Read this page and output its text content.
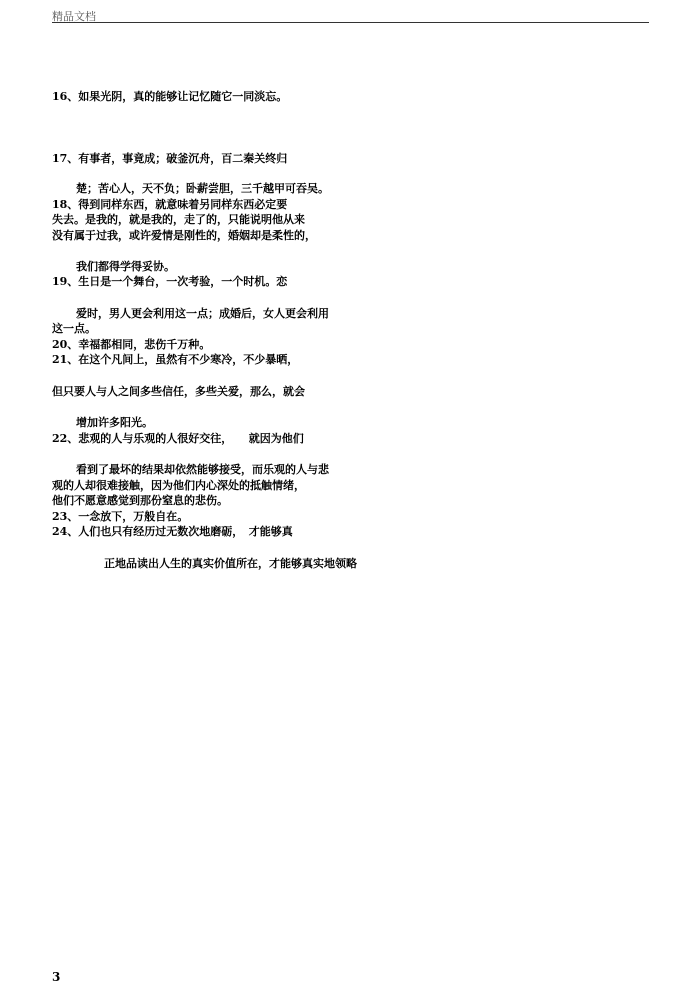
精品文档
16、如果光阴，真的能够让记忆随它一同淡忘。
17、有事者，事竟成；破釜沉舟，百二秦关终归
楚；苦心人，天不负；卧薪尝胆，三千越甲可吞吴。
18、得到同样东西，就意味着另同样东西必定要
失去。是我的，就是我的，走了的，只能说明他从来
没有属于过我，或许爱情是刚性的，婚姻却是柔性的，
我们都得学得妥协。
19、生日是一个舞台，一次考验，一个时机。恋
爱时，男人更会利用这一点；成婚后，女人更会利用
这一点。
20、幸福都相同，悲伤千万种。
21、在这个凡间上，虽然有不少寒冷，不少暴晒，
但只要人与人之间多些信任，多些关爱，那么，就会
增加许多阳光。
22、悲观的人与乐观的人很好交往，　　就因为他们
看到了最坏的结果却依然能够接受，而乐观的人与悲
观的人却很难接触，因为他们内心深处的抵触情绪，
他们不愿意感觉到那份窒息的悲伤。
23、一念放下，万般自在。
24、人们也只有经历过无数次地磨砺，　才能够真
正地品读出人生的真实价值所在，才能够真实地领略
3
